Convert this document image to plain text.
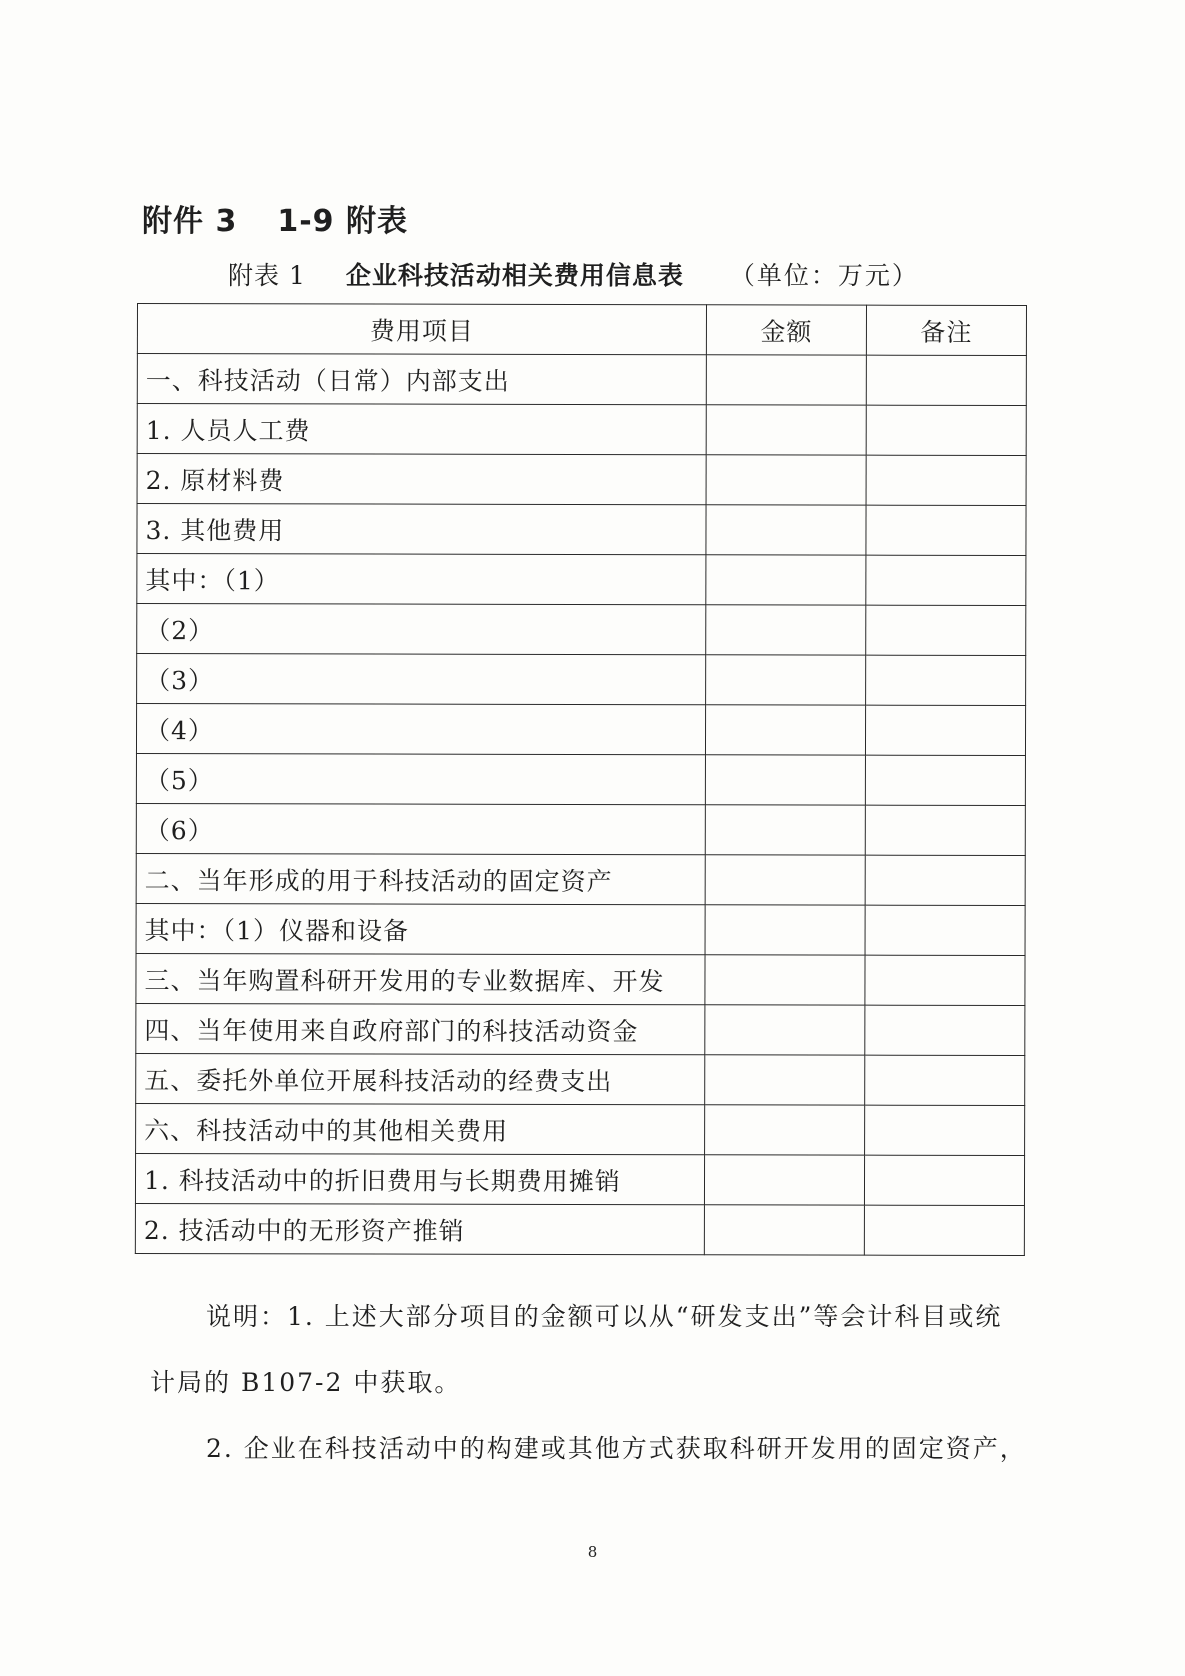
附件 3 1-9 附表

附表 1 企业科技活动相关费用信息表 （单位：万元）

费用项目	金额	备注
一、科技活动（日常）内部支出		
1. 人员人工费		
2. 原材料费		
3. 其他费用		
其中：（1）		
（2）		
（3）		
（4）		
（5）		
（6）		
二、当年形成的用于科技活动的固定资产		
其中：（1）仪器和设备		
三、当年购置科研开发用的专业数据库、开发		
四、当年使用来自政府部门的科技活动资金		
五、委托外单位开展科技活动的经费支出		
六、科技活动中的其他相关费用		
1. 科技活动中的折旧费用与长期费用摊销		
2. 技活动中的无形资产推销		

说明：1. 上述大部分项目的金额可以从“研发支出”等会计科目或统

计局的 B107-2 中获取。

2. 企业在科技活动中的构建或其他方式获取科研开发用的固定资产，

8
